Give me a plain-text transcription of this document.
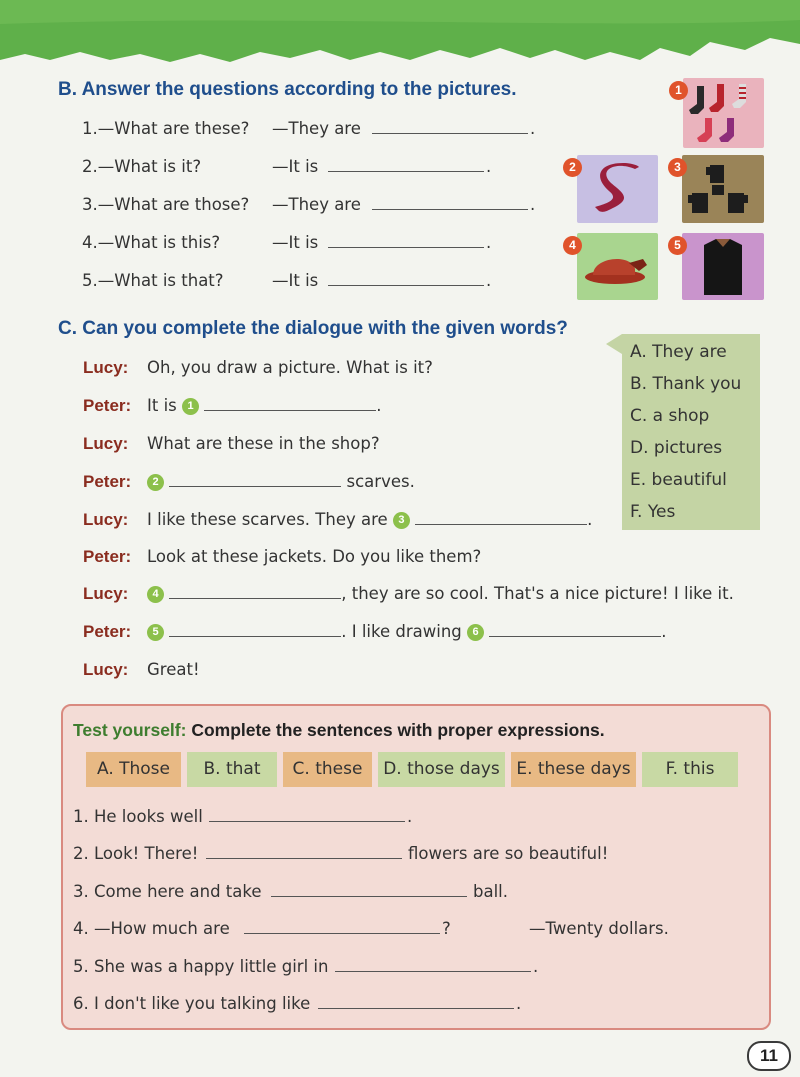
B. Answer the questions according to the pictures.
1.—What are these? —They are	.
2.—What is it?	—It is	.
3.—What are those? —They are	.
4.—What is this?	—It is	.
5.—What is that?	—It is	.
1
2	3
4	5
C. Can you complete the dialogue with the given words?
A. They are
B. Thank you
C. a shop
D. pictures
E. beautiful
F. Yes
Lucy: Oh, you draw a picture. What is it?
Peter: It is 1	.
Lucy: What are these in the shop?
Peter:	2	scarves.
Lucy: I like these scarves. They are 3	.
Peter: Look at these jackets. Do you like them?
Lucy:	4	, they are so cool. That's a nice picture! I like it.
Peter:	5	. I like drawing 6	.
Lucy: Great!
Test yourself: Complete the sentences with proper expressions.
A. Those	B. that	C. these	D. those days E. these days	F. this
1. He looks well	.
2. Look! There!	flowers are so beautiful!
3. Come here and take	ball.
4. —How much are	?	—Twenty dollars.
5. She was a happy little girl in	.
6. I don't like you talking like	.
11
